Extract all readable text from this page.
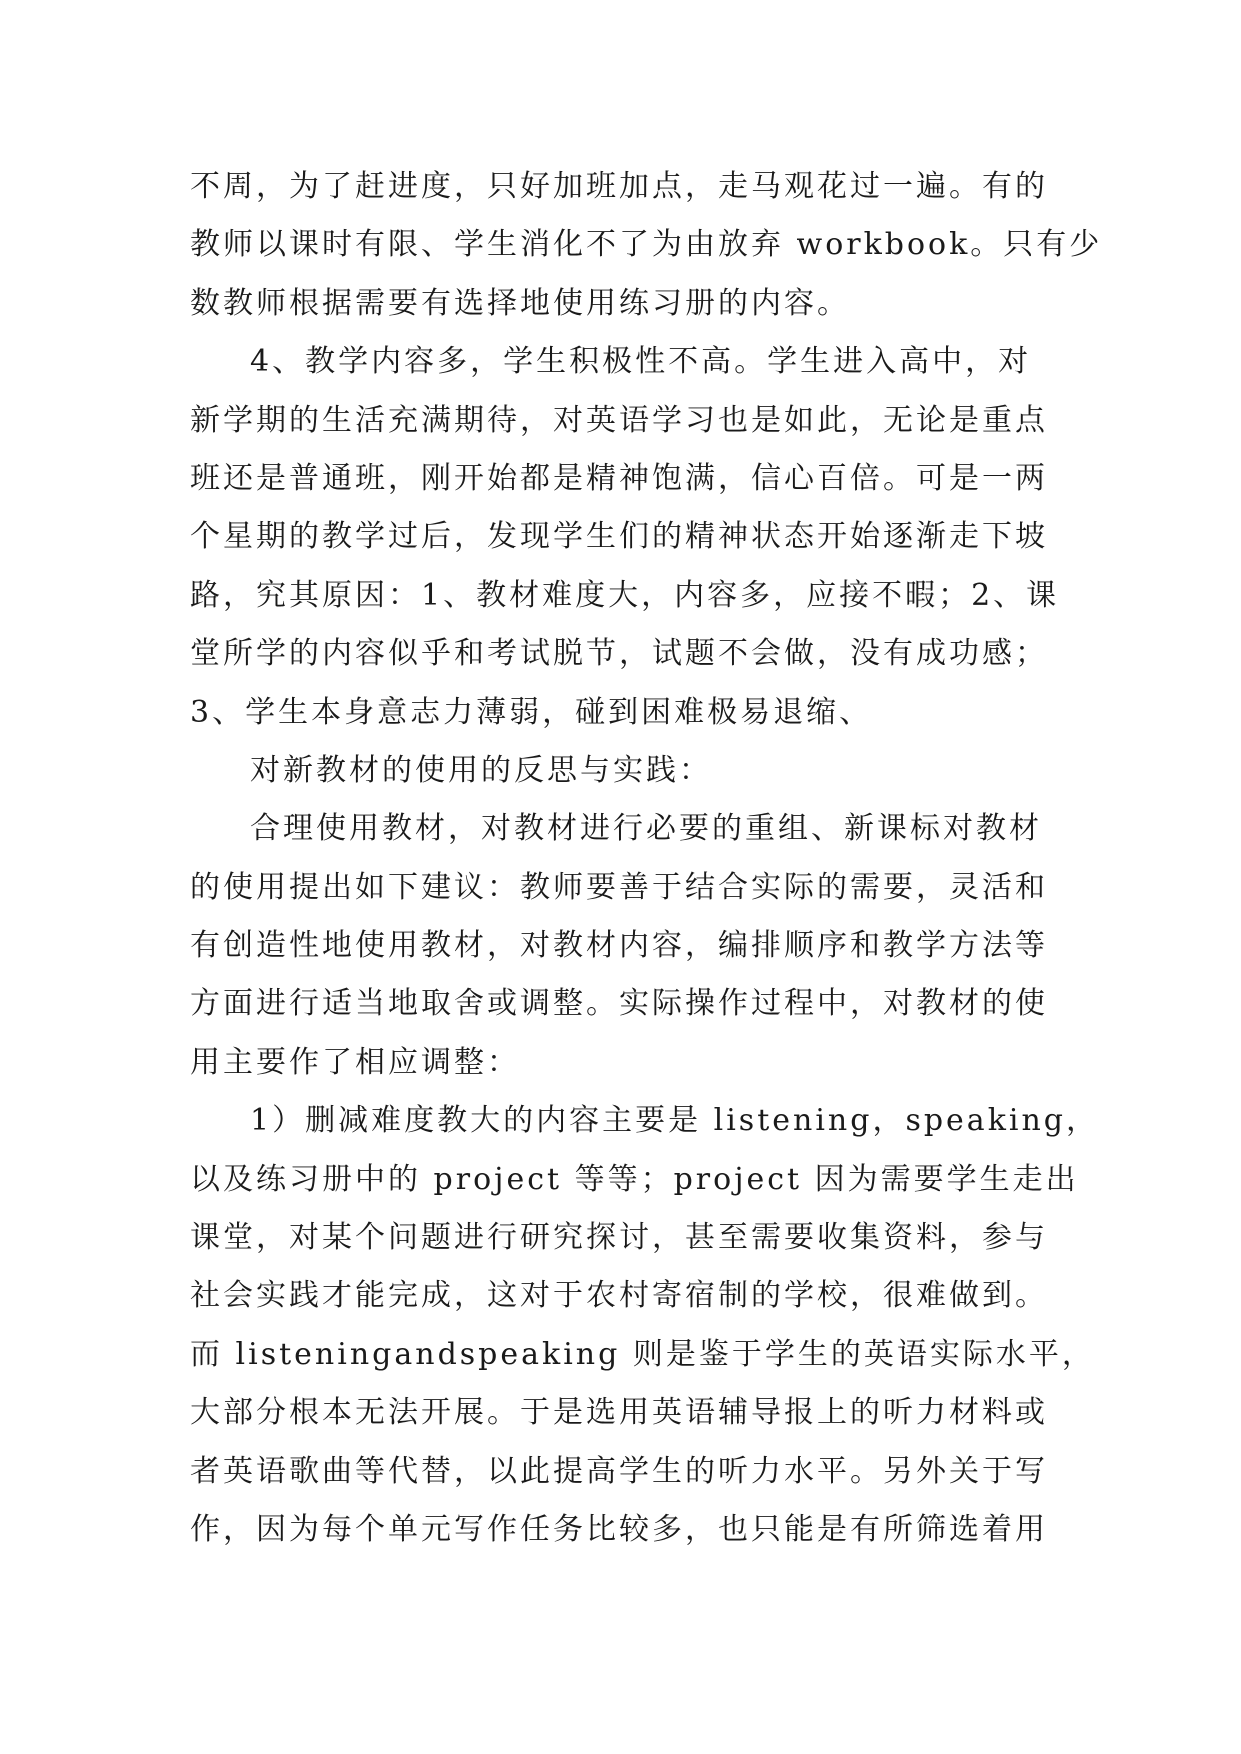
不周，为了赶进度，只好加班加点，走马观花过一遍。有的
教师以课时有限、学生消化不了为由放弃 workbook。只有少
数教师根据需要有选择地使用练习册的内容。
4、教学内容多，学生积极性不高。学生进入高中，对
新学期的生活充满期待，对英语学习也是如此，无论是重点
班还是普通班，刚开始都是精神饱满，信心百倍。可是一两
个星期的教学过后，发现学生们的精神状态开始逐渐走下坡
路，究其原因：1、教材难度大，内容多，应接不暇；2、课
堂所学的内容似乎和考试脱节，试题不会做，没有成功感；
3、学生本身意志力薄弱，碰到困难极易退缩、
对新教材的使用的反思与实践：
合理使用教材，对教材进行必要的重组、新课标对教材
的使用提出如下建议：教师要善于结合实际的需要，灵活和
有创造性地使用教材，对教材内容，编排顺序和教学方法等
方面进行适当地取舍或调整。实际操作过程中，对教材的使
用主要作了相应调整：
1）删减难度教大的内容主要是 listening，speaking，
以及练习册中的 project 等等；project 因为需要学生走出
课堂，对某个问题进行研究探讨，甚至需要收集资料，参与
社会实践才能完成，这对于农村寄宿制的学校，很难做到。
而 listeningandspeaking 则是鉴于学生的英语实际水平，
大部分根本无法开展。于是选用英语辅导报上的听力材料或
者英语歌曲等代替，以此提高学生的听力水平。另外关于写
作，因为每个单元写作任务比较多，也只能是有所筛选着用
